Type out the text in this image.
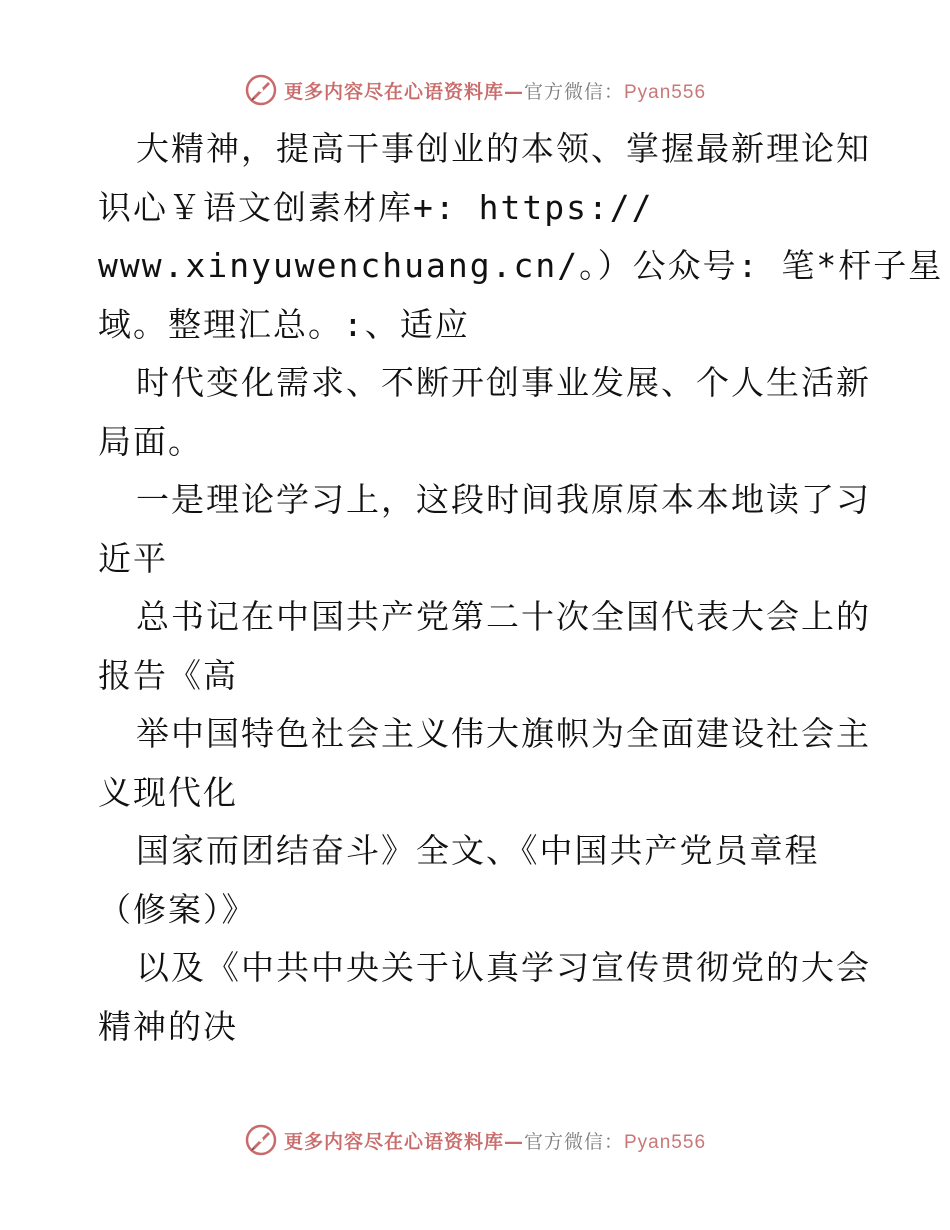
更多内容尽在心语资料库—官方微信：Pyan556
大精神，提高干事创业的本领、掌握最新理论知
识心￥语文创素材库+: https://
www.xinyuwenchuang.cn/。）公众号: 笔*杆子星
域。整理汇总。:、适应
时代变化需求、不断开创事业发展、个人生活新
局面。
一是理论学习上，这段时间我原原本本地读了习
近平
总书记在中国共产党第二十次全国代表大会上的
报告《高
举中国特色社会主义伟大旗帜为全面建设社会主
义现代化
国家而团结奋斗》全文、《中国共产党员章程
（修案）》
以及《中共中央关于认真学习宣传贯彻党的大会
精神的决
更多内容尽在心语资料库—官方微信：Pyan556
